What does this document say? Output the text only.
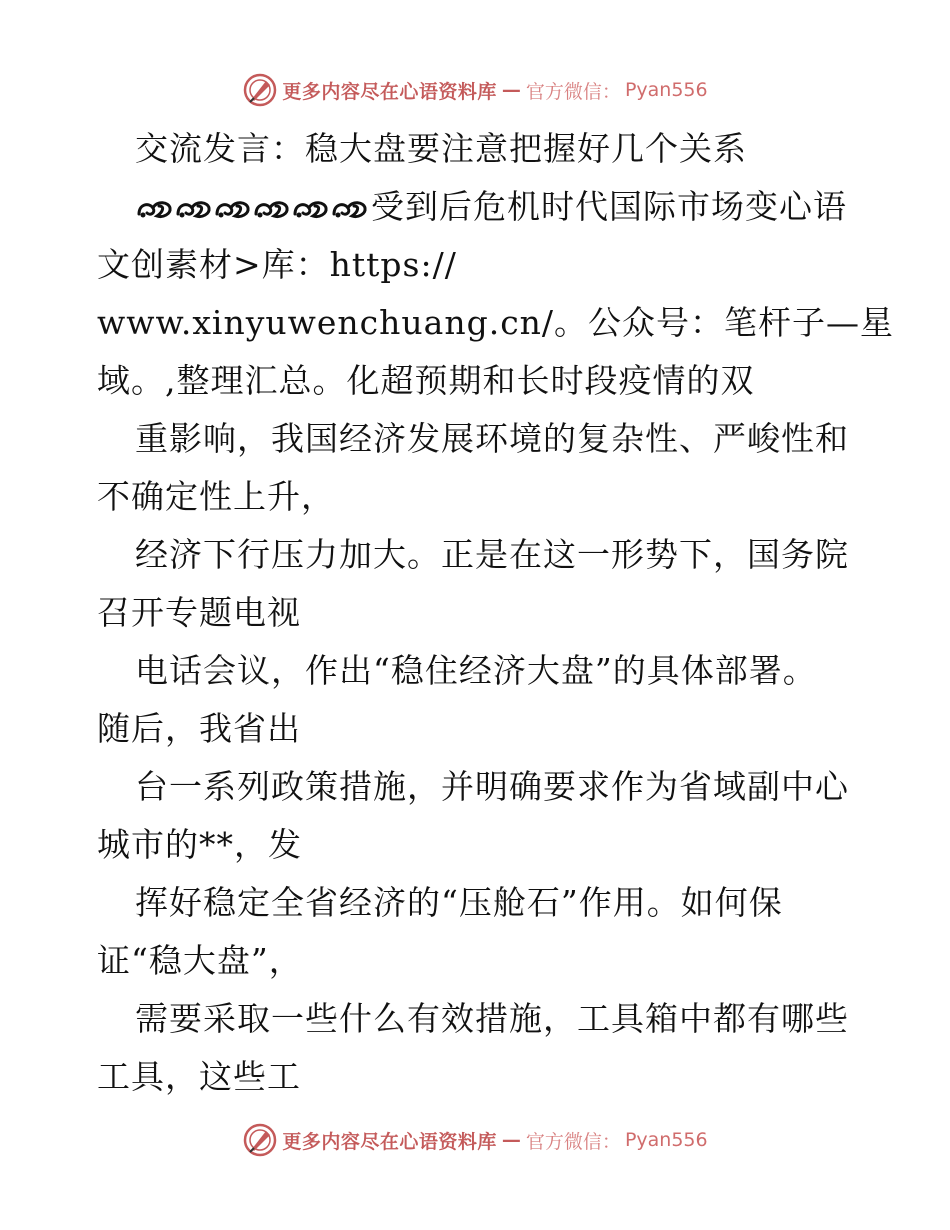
更多内容尽在心语资料库 — 官方微信： Pyan556
交流发言：稳大盘要注意把握好几个关系
受到后危机时代国际市场变心语
文创素材>库：https://
www.xinyuwenchuang.cn/。公众号：笔杆子—星
域。,整理汇总。化超预期和长时段疫情的双
重影响，我国经济发展环境的复杂性、严峻性和
不确定性上升，
经济下行压力加大。正是在这一形势下，国务院
召开专题电视
电话会议，作出“稳住经济大盘”的具体部署。
随后，我省出
台一系列政策措施，并明确要求作为省域副中心
城市的**，发
挥好稳定全省经济的“压舱石”作用。如何保
证“稳大盘”，
需要采取一些什么有效措施，工具箱中都有哪些
工具，这些工
更多内容尽在心语资料库 — 官方微信： Pyan556
